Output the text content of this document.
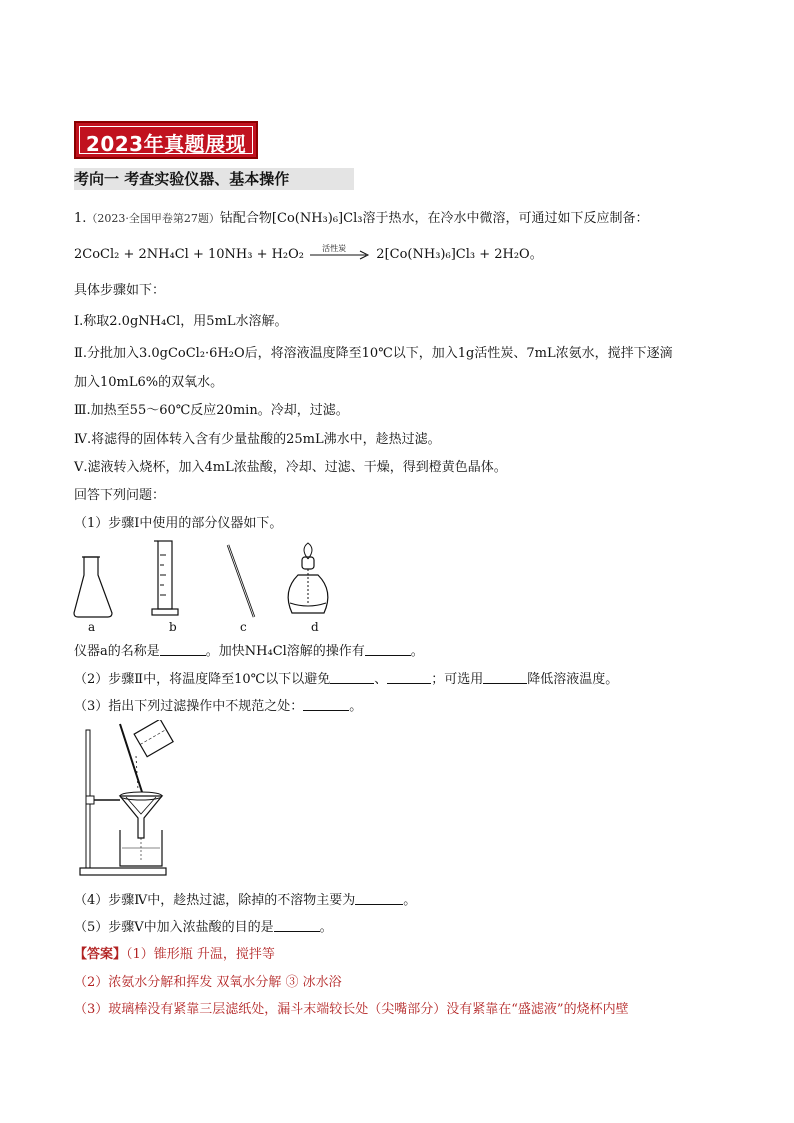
2023年真题展现
考向一 考查实验仪器、基本操作
1.（2023·全国甲卷第27题）钴配合物[Co(NH₃)₆]Cl₃溶于热水，在冷水中微溶，可通过如下反应制备：
2CoCl₂ + 2NH₄Cl + 10NH₃ + H₂O₂ 活性炭 2[Co(NH₃)₆]Cl₃ + 2H₂O。
具体步骤如下：
Ⅰ.称取2.0gNH₄Cl，用5mL水溶解。
Ⅱ.分批加入3.0gCoCl₂·6H₂O后，将溶液温度降至10℃以下，加入1g活性炭、7mL浓氨水，搅拌下逐滴
加入10mL6%的双氧水。
Ⅲ.加热至55～60℃反应20min。冷却，过滤。
Ⅳ.将滤得的固体转入含有少量盐酸的25mL沸水中，趁热过滤。
Ⅴ.滤液转入烧杯，加入4mL浓盐酸，冷却、过滤、干燥，得到橙黄色晶体。
回答下列问题：
（1）步骤Ⅰ中使用的部分仪器如下。
a	b	c	d
仪器a的名称是	。加快NH₄Cl溶解的操作有	。
（2）步骤Ⅱ中，将温度降至10℃以下以避免	、	；可选用	降低溶液温度。
（3）指出下列过滤操作中不规范之处：	。
（4）步骤Ⅳ中，趁热过滤，除掉的不溶物主要为	。
（5）步骤Ⅴ中加入浓盐酸的目的是	。
【答案】（1）锥形瓶 升温，搅拌等
（2）浓氨水分解和挥发 双氧水分解 ③ 冰水浴
（3）玻璃棒没有紧靠三层滤纸处，漏斗末端较长处（尖嘴部分）没有紧靠在“盛滤液”的烧杯内壁
